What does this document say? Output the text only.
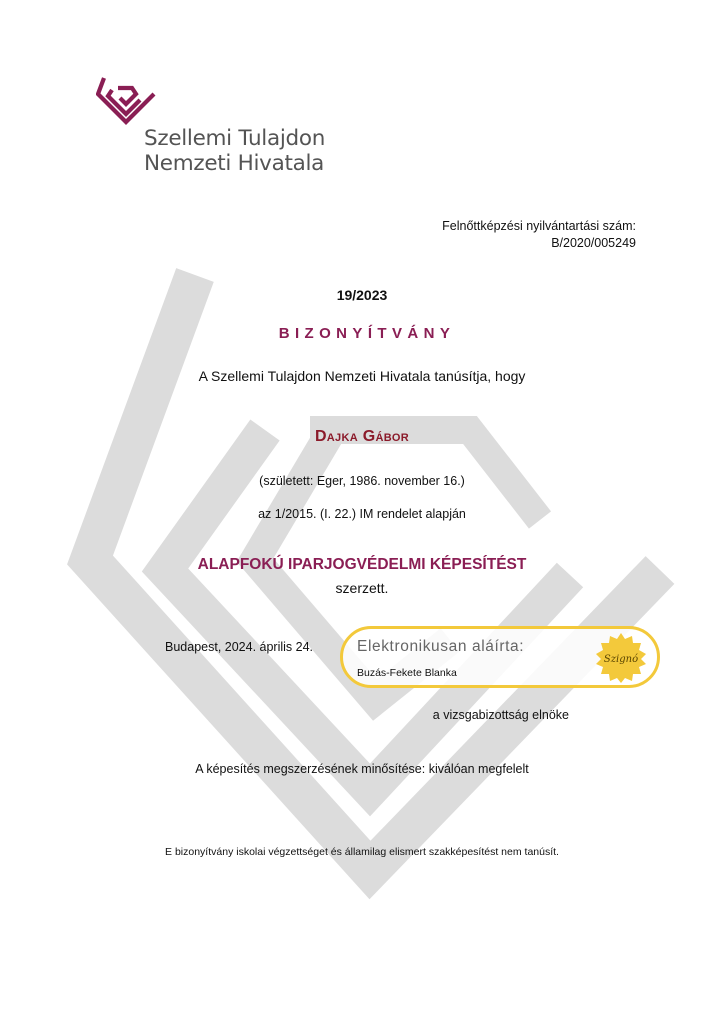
Szellemi Tulajdon
Nemzeti Hivatala
Felnőttképzési nyilvántartási szám:
B/2020/005249
19/2023
BIZONYÍTVÁNY
A Szellemi Tulajdon Nemzeti Hivatala tanúsítja, hogy
Dajka Gábor
(született: Eger, 1986. november 16.)
az 1/2015. (I. 22.) IM rendelet alapján
ALAPFOKÚ IPARJOGVÉDELMI KÉPESÍTÉST
szerzett.
Budapest, 2024. április 24.	Elektronikusan aláírta:
Buzás-Fekete Blanka
Szignó
a vizsgabizottság elnöke
A képesítés megszerzésének minősítése: kiválóan megfelelt
E bizonyítvány iskolai végzettséget és államilag elismert szakképesítést nem tanúsít.
